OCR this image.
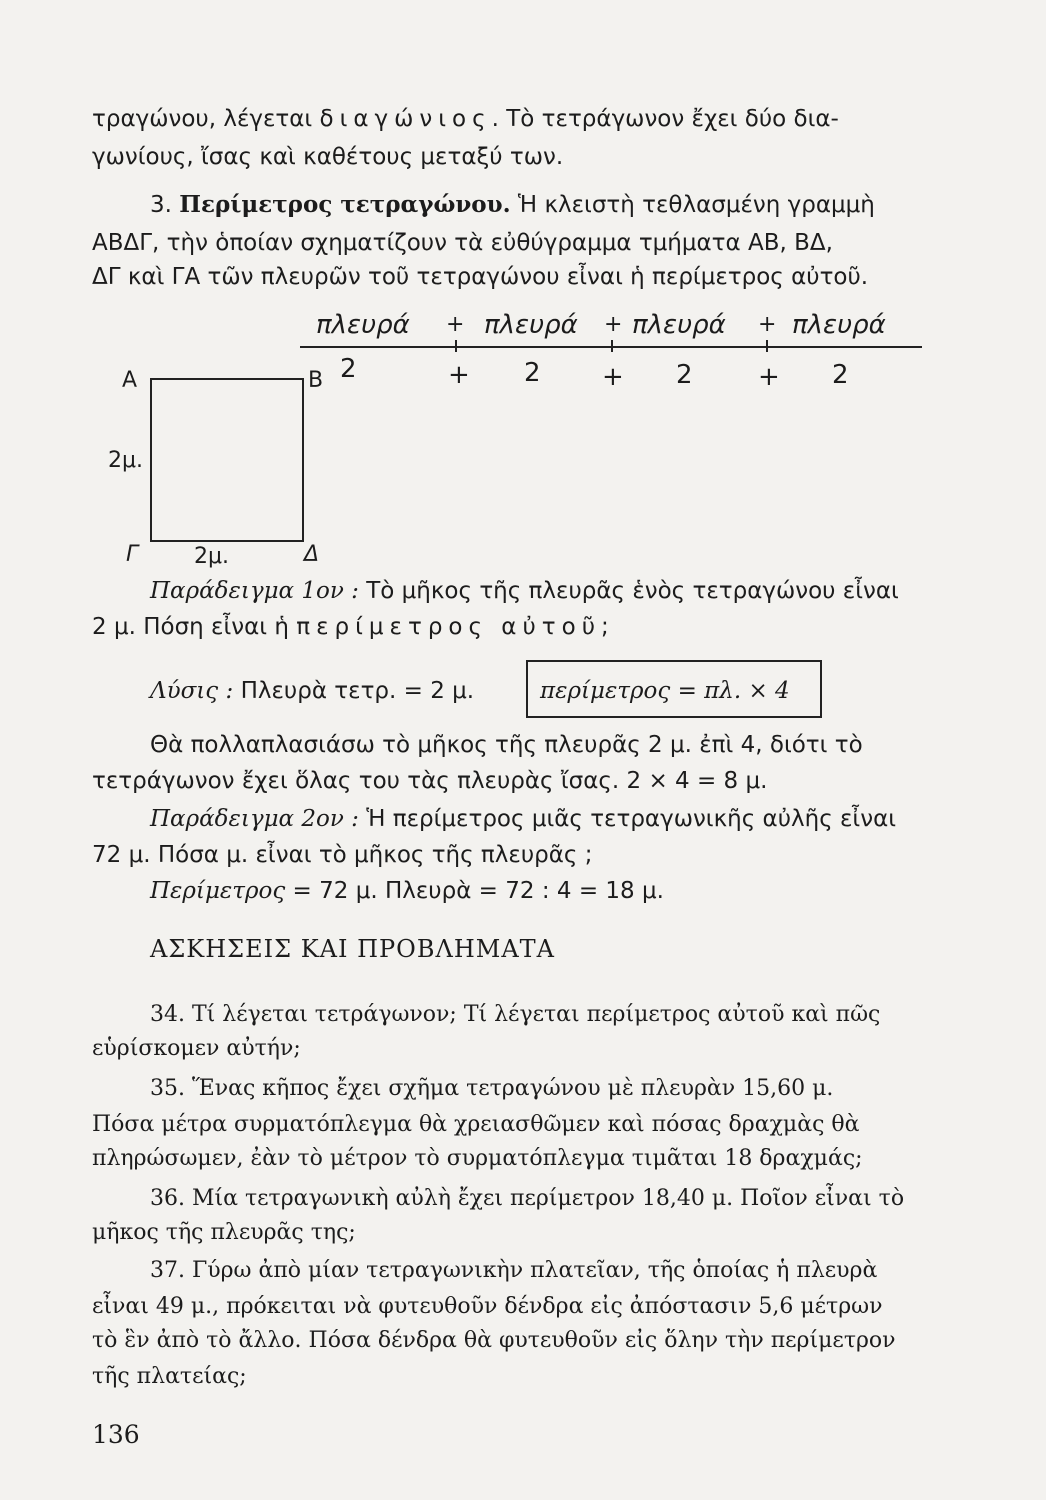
τραγώνου, λέγεται διαγώνιος. Τὸ τετράγωνον ἔχει δύο δια-
γωνίους, ἴσας καὶ καθέτους μεταξύ των.
3. Περίμετρος τετραγώνου. Ἡ κλειστὴ τεθλασμένη γραμμὴ
ΑΒΔΓ, τὴν ὁποίαν σχηματίζουν τὰ εὐθύγραμμα τμήματα ΑΒ, ΒΔ,
ΔΓ καὶ ΓΑ τῶν πλευρῶν τοῦ τετραγώνου εἶναι ἡ περίμετρος αὐτοῦ.
πλευρά + πλευρά + πλευρά + πλευρά
2	+ 2 + 2	+ 2
Α	Β
Γ	Δ
2μ.
2μ.
Παράδειγμα 1ον : Τὸ μῆκος τῆς πλευρᾶς ἑνὸς τετραγώνου εἶναι
2 μ. Πόση εἶναι ἡ περίμετρος αὐτοῦ;
Λύσις : Πλευρὰ τετρ. = 2 μ.	περίμετρος = πλ. × 4
Θὰ πολλαπλασιάσω τὸ μῆκος τῆς πλευρᾶς 2 μ. ἐπὶ 4, διότι τὸ
τετράγωνον ἔχει ὅλας του τὰς πλευρὰς ἴσας. 2 × 4 = 8 μ.
Παράδειγμα 2ον : Ἡ περίμετρος μιᾶς τετραγωνικῆς αὐλῆς εἶναι
72 μ. Πόσα μ. εἶναι τὸ μῆκος τῆς πλευρᾶς ;
Περίμετρος = 72 μ. Πλευρὰ = 72 : 4 = 18 μ.
ΑΣΚΗΣΕΙΣ ΚΑΙ ΠΡΟΒΛΗΜΑΤΑ
34. Τί λέγεται τετράγωνον; Τί λέγεται περίμετρος αὐτοῦ καὶ πῶς
εὑρίσκομεν αὐτήν;
35. Ἕνας κῆπος ἔχει σχῆμα τετραγώνου μὲ πλευρὰν 15,60 μ.
Πόσα μέτρα συρματόπλεγμα θὰ χρειασθῶμεν καὶ πόσας δραχμὰς θὰ
πληρώσωμεν, ἐὰν τὸ μέτρον τὸ συρματόπλεγμα τιμᾶται 18 δραχμάς;
36. Μία τετραγωνικὴ αὐλὴ ἔχει περίμετρον 18,40 μ. Ποῖον εἶναι τὸ
μῆκος τῆς πλευρᾶς της;
37. Γύρω ἀπὸ μίαν τετραγωνικὴν πλατεῖαν, τῆς ὁποίας ἡ πλευρὰ
εἶναι 49 μ., πρόκειται νὰ φυτευθοῦν δένδρα εἰς ἀπόστασιν 5,6 μέτρων
τὸ ἓν ἀπὸ τὸ ἄλλο. Πόσα δένδρα θὰ φυτευθοῦν εἰς ὅλην τὴν περίμετρον
τῆς πλατείας;
136
